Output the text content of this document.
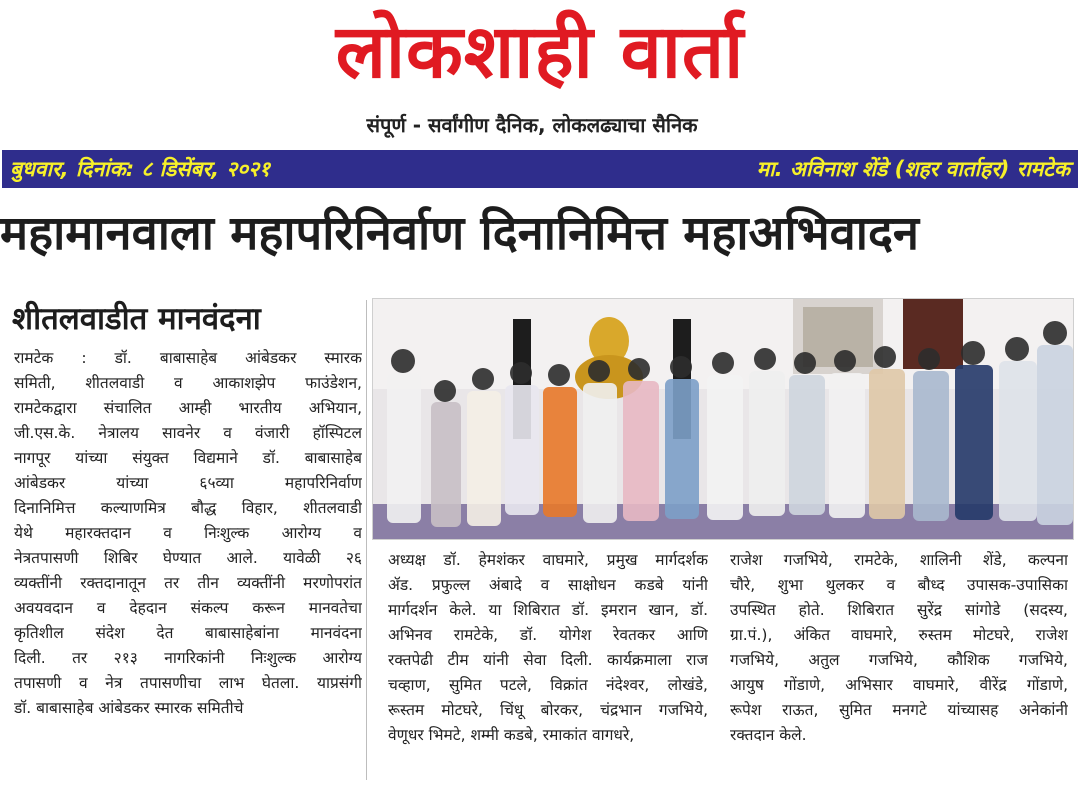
लोकशाही वार्ता
संपूर्ण - सर्वांगीण दैनिक, लोकलढ्याचा सैनिक
बुधवार, दिनांक: ८ डिसेंबर, २०२१	मा. अविनाश शेंडे (शहर वार्ताहर) रामटेक
महामानवाला महापरिनिर्वाण दिनानिमित्त महाअभिवादन
शीतलवाडीत मानवंदना
रामटेक : डॉ. बाबासाहेब आंबेडकर स्मारक
समिती, शीतलवाडी व आकाशझेप फाउंडेशन,
रामटेकद्वारा संचालित आम्ही भारतीय अभियान,
जी.एस.के. नेत्रालय सावनेर व वंजारी हॉस्पिटल
नागपूर यांच्या संयुक्त विद्यमाने डॉ. बाबासाहेब
आंबेडकर यांच्या ६५व्या महापरिनिर्वाण
दिनानिमित्त कल्याणमित्र बौद्ध विहार, शीतलवाडी
येथे महारक्तदान व निःशुल्क आरोग्य व
नेत्रतपासणी शिबिर घेण्यात आले. यावेळी २६
व्यक्तींनी रक्तदानातून तर तीन व्यक्तींनी मरणोपरांत
अवयवदान व देहदान संकल्प करून मानवतेचा
कृतिशील संदेश देत बाबासाहेबांना मानवंदना
दिली. तर २१३ नागरिकांनी निःशुल्क आरोग्य
तपासणी व नेत्र तपासणीचा लाभ घेतला. याप्रसंगी
डॉ. बाबासाहेब आंबेडकर स्मारक समितीचे
अध्यक्ष डॉ. हेमशंकर वाघमारे, प्रमुख मार्गदर्शक
ॲड. प्रफुल्ल अंबादे व साक्षोधन कडबे यांनी
मार्गदर्शन केले. या शिबिरात डॉ. इमरान खान, डॉ.
अभिनव रामटेके, डॉ. योगेश रेवतकर आणि
रक्तपेढी टीम यांनी सेवा दिली. कार्यक्रमाला राज
चव्हाण, सुमित पटले, विक्रांत नंदेश्वर, लोखंडे,
रूस्तम मोटघरे, चिंधू बोरकर, चंद्रभान गजभिये,
वेणूधर भिमटे, शम्मी कडबे, रमाकांत वागधरे,
राजेश गजभिये, रामटेके, शालिनी शेंडे, कल्पना
चौरे, शुभा थुलकर व बौध्द उपासक-उपासिका
उपस्थित होते. शिबिरात सुरेंद्र सांगोडे (सदस्य,
ग्रा.पं.), अंकित वाघमारे, रुस्तम मोटघरे, राजेश
गजभिये, अतुल गजभिये, कौशिक गजभिये,
आयुष गोंडाणे, अभिसार वाघमारे, वीरेंद्र गोंडाणे,
रूपेश राऊत, सुमित मनगटे यांच्यासह अनेकांनी
रक्तदान केले.
